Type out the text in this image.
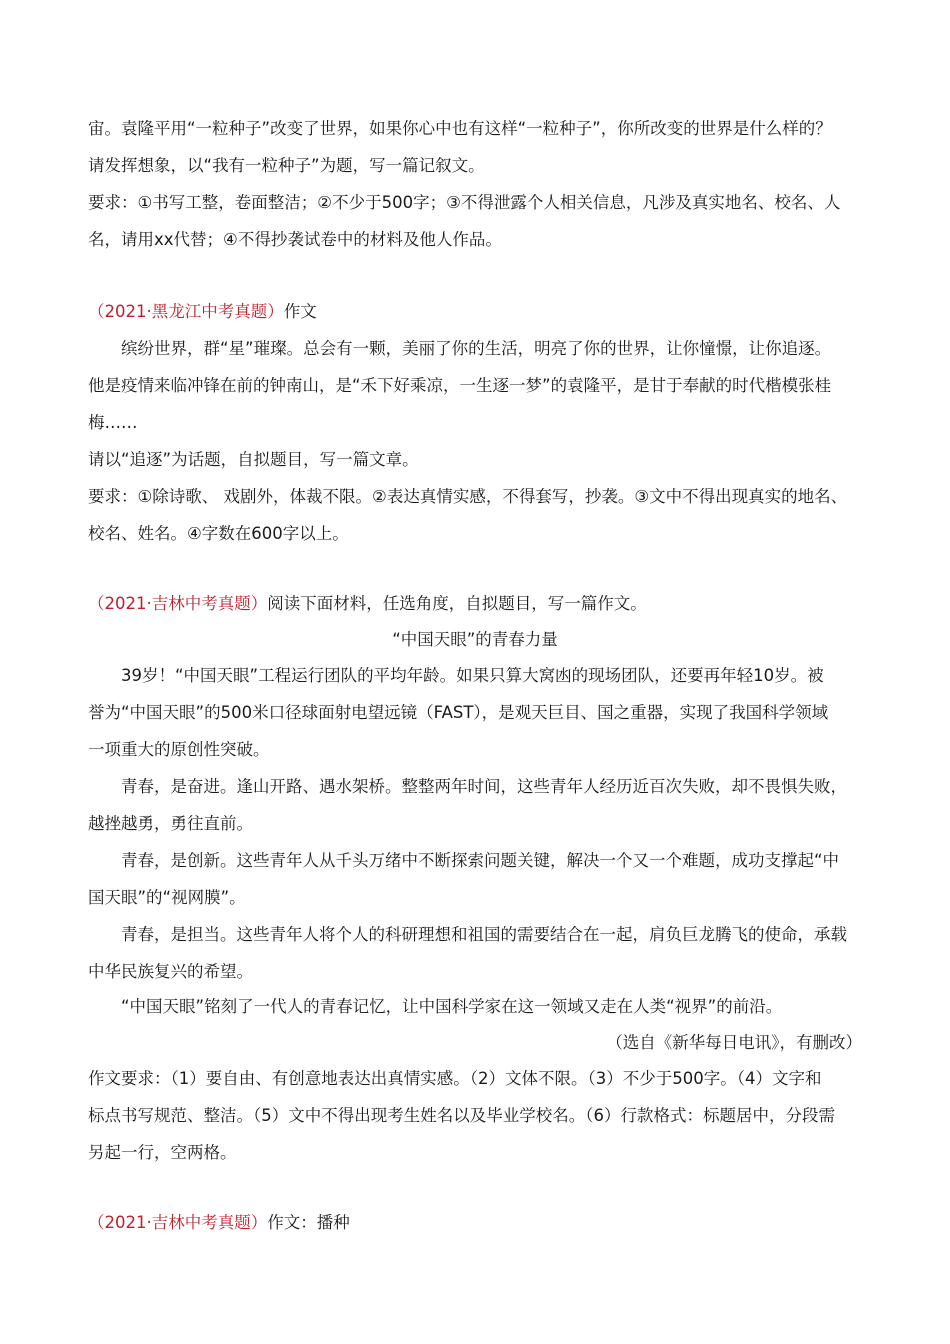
宙。袁隆平用“一粒种子”改变了世界，如果你心中也有这样“一粒种子”，你所改变的世界是什么样的？
请发挥想象，以“我有一粒种子”为题，写一篇记叙文。
要求：①书写工整，卷面整洁；②不少于500字；③不得泄露个人相关信息，凡涉及真实地名、校名、人
名，请用xx代替；④不得抄袭试卷中的材料及他人作品。
（2021·黑龙江中考真题）作文
缤纷世界，群“星”璀璨。总会有一颗，美丽了你的生活，明亮了你的世界，让你憧憬，让你追逐。
他是疫情来临冲锋在前的钟南山，是“禾下好乘凉，一生逐一梦”的袁隆平，是甘于奉献的时代楷模张桂
梅……
请以“追逐”为话题，自拟题目，写一篇文章。
要求：①除诗歌、 戏剧外，体裁不限。②表达真情实感，不得套写，抄袭。③文中不得出现真实的地名、
校名、姓名。④字数在600字以上。
（2021·吉林中考真题）阅读下面材料，任选角度，自拟题目，写一篇作文。
“中国天眼”的青春力量
39岁！“中国天眼”工程运行团队的平均年龄。如果只算大窝凼的现场团队，还要再年轻10岁。被
誉为“中国天眼”的500米口径球面射电望远镜（FAST），是观天巨目、国之重器，实现了我国科学领域
一项重大的原创性突破。
青春，是奋进。逢山开路、遇水架桥。整整两年时间，这些青年人经历近百次失败，却不畏惧失败，
越挫越勇，勇往直前。
青春，是创新。这些青年人从千头万绪中不断探索问题关键，解决一个又一个难题，成功支撑起“中
国天眼”的“视网膜”。
青春，是担当。这些青年人将个人的科研理想和祖国的需要结合在一起，肩负巨龙腾飞的使命，承载
中华民族复兴的希望。
“中国天眼”铭刻了一代人的青春记忆，让中国科学家在这一领域又走在人类“视界”的前沿。
（选自《新华每日电讯》，有删改）
作文要求：（1）要自由、有创意地表达出真情实感。（2）文体不限。（3）不少于500字。（4）文字和
标点书写规范、整洁。（5）文中不得出现考生姓名以及毕业学校名。（6）行款格式：标题居中，分段需
另起一行，空两格。
（2021·吉林中考真题）作文：播种
